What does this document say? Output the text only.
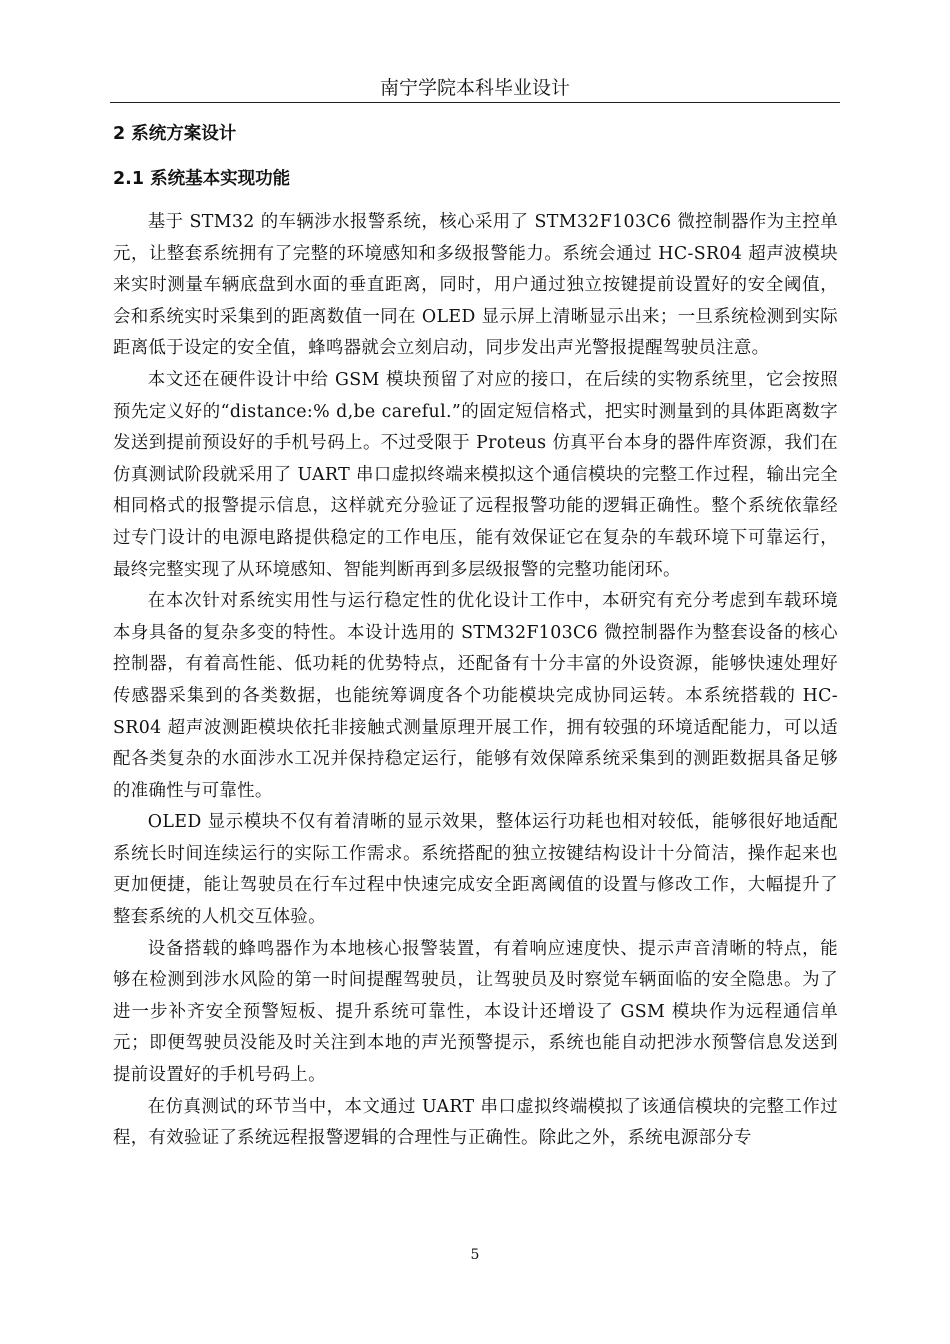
南宁学院本科毕业设计
2 系统方案设计
2.1 系统基本实现功能

基于 STM32 的车辆涉水报警系统，核心采用了 STM32F103C6 微控制器作为主控单元，让整套系统拥有了完整的环境感知和多级报警能力。系统会通过 HC-SR04 超声波模块来实时测量车辆底盘到水面的垂直距离，同时，用户通过独立按键提前设置好的安全阈值，会和系统实时采集到的距离数值一同在 OLED 显示屏上清晰显示出来；一旦系统检测到实际距离低于设定的安全值，蜂鸣器就会立刻启动，同步发出声光警报提醒驾驶员注意。

本文还在硬件设计中给 GSM 模块预留了对应的接口，在后续的实物系统里，它会按照预先定义好的“distance:% d,be careful.”的固定短信格式，把实时测量到的具体距离数字发送到提前预设好的手机号码上。不过受限于 Proteus 仿真平台本身的器件库资源，我们在仿真测试阶段就采用了 UART 串口虚拟终端来模拟这个通信模块的完整工作过程，输出完全相同格式的报警提示信息，这样就充分验证了远程报警功能的逻辑正确性。整个系统依靠经过专门设计的电源电路提供稳定的工作电压，能有效保证它在复杂的车载环境下可靠运行，最终完整实现了从环境感知、智能判断再到多层级报警的完整功能闭环。

在本次针对系统实用性与运行稳定性的优化设计工作中，本研究有充分考虑到车载环境本身具备的复杂多变的特性。本设计选用的 STM32F103C6 微控制器作为整套设备的核心控制器，有着高性能、低功耗的优势特点，还配备有十分丰富的外设资源，能够快速处理好传感器采集到的各类数据，也能统筹调度各个功能模块完成协同运转。本系统搭载的 HC-SR04 超声波测距模块依托非接触式测量原理开展工作，拥有较强的环境适配能力，可以适配各类复杂的水面涉水工况并保持稳定运行，能够有效保障系统采集到的测距数据具备足够的准确性与可靠性。

OLED 显示模块不仅有着清晰的显示效果，整体运行功耗也相对较低，能够很好地适配系统长时间连续运行的实际工作需求。系统搭配的独立按键结构设计十分简洁，操作起来也更加便捷，能让驾驶员在行车过程中快速完成安全距离阈值的设置与修改工作，大幅提升了整套系统的人机交互体验。

设备搭载的蜂鸣器作为本地核心报警装置，有着响应速度快、提示声音清晰的特点，能够在检测到涉水风险的第一时间提醒驾驶员，让驾驶员及时察觉车辆面临的安全隐患。为了进一步补齐安全预警短板、提升系统可靠性，本设计还增设了 GSM 模块作为远程通信单元；即便驾驶员没能及时关注到本地的声光预警提示，系统也能自动把涉水预警信息发送到提前设置好的手机号码上。

在仿真测试的环节当中，本文通过 UART 串口虚拟终端模拟了该通信模块的完整工作过程，有效验证了系统远程报警逻辑的合理性与正确性。除此之外，系统电源部分专

5
